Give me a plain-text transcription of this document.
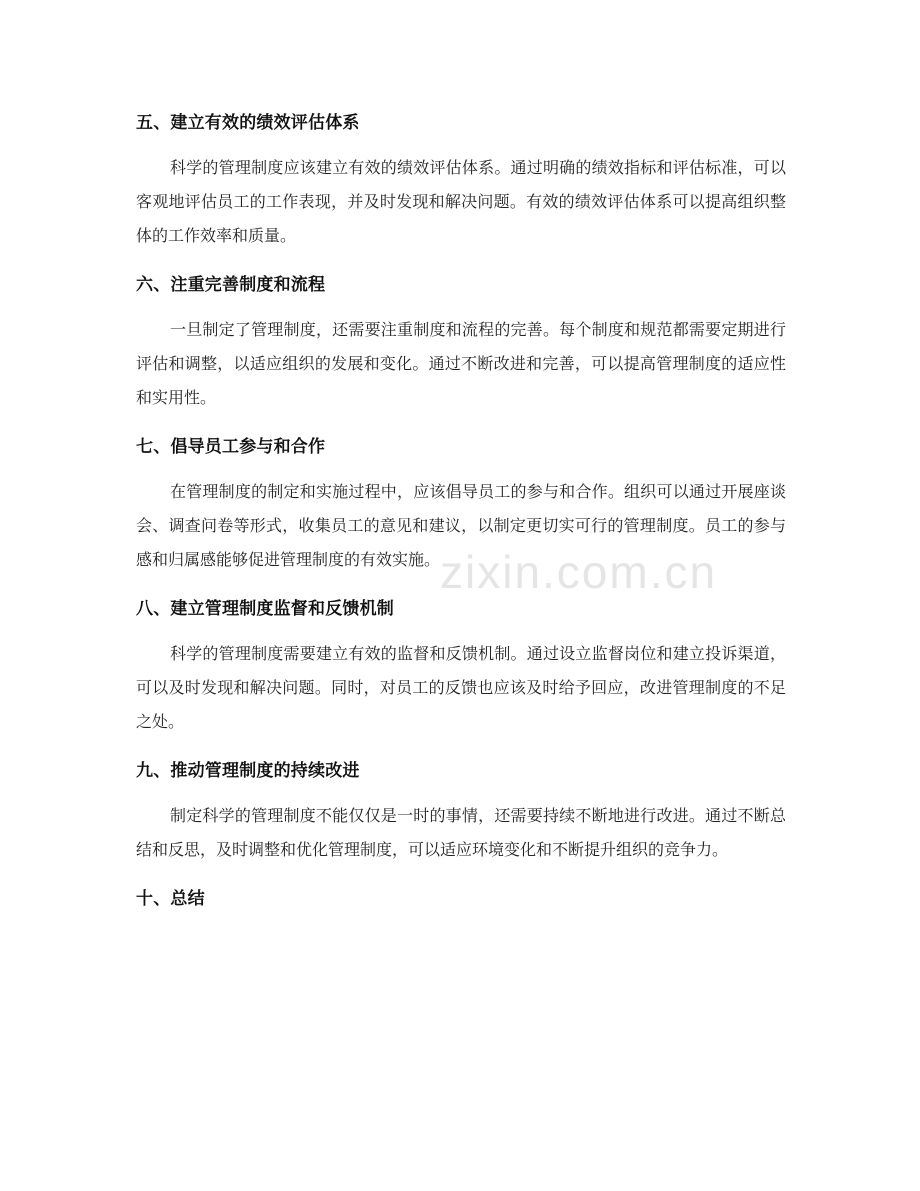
五、建立有效的绩效评估体系

科学的管理制度应该建立有效的绩效评估体系。通过明确的绩效指标和评估标准，可以客观地评估员工的工作表现，并及时发现和解决问题。有效的绩效评估体系可以提高组织整体的工作效率和质量。

六、注重完善制度和流程

一旦制定了管理制度，还需要注重制度和流程的完善。每个制度和规范都需要定期进行评估和调整，以适应组织的发展和变化。通过不断改进和完善，可以提高管理制度的适应性和实用性。

七、倡导员工参与和合作

在管理制度的制定和实施过程中，应该倡导员工的参与和合作。组织可以通过开展座谈会、调查问卷等形式，收集员工的意见和建议，以制定更切实可行的管理制度。员工的参与感和归属感能够促进管理制度的有效实施。

八、建立管理制度监督和反馈机制

科学的管理制度需要建立有效的监督和反馈机制。通过设立监督岗位和建立投诉渠道，可以及时发现和解决问题。同时，对员工的反馈也应该及时给予回应，改进管理制度的不足之处。

九、推动管理制度的持续改进

制定科学的管理制度不能仅仅是一时的事情，还需要持续不断地进行改进。通过不断总结和反思，及时调整和优化管理制度，可以适应环境变化和不断提升组织的竞争力。

十、总结
zixin.com.cn
